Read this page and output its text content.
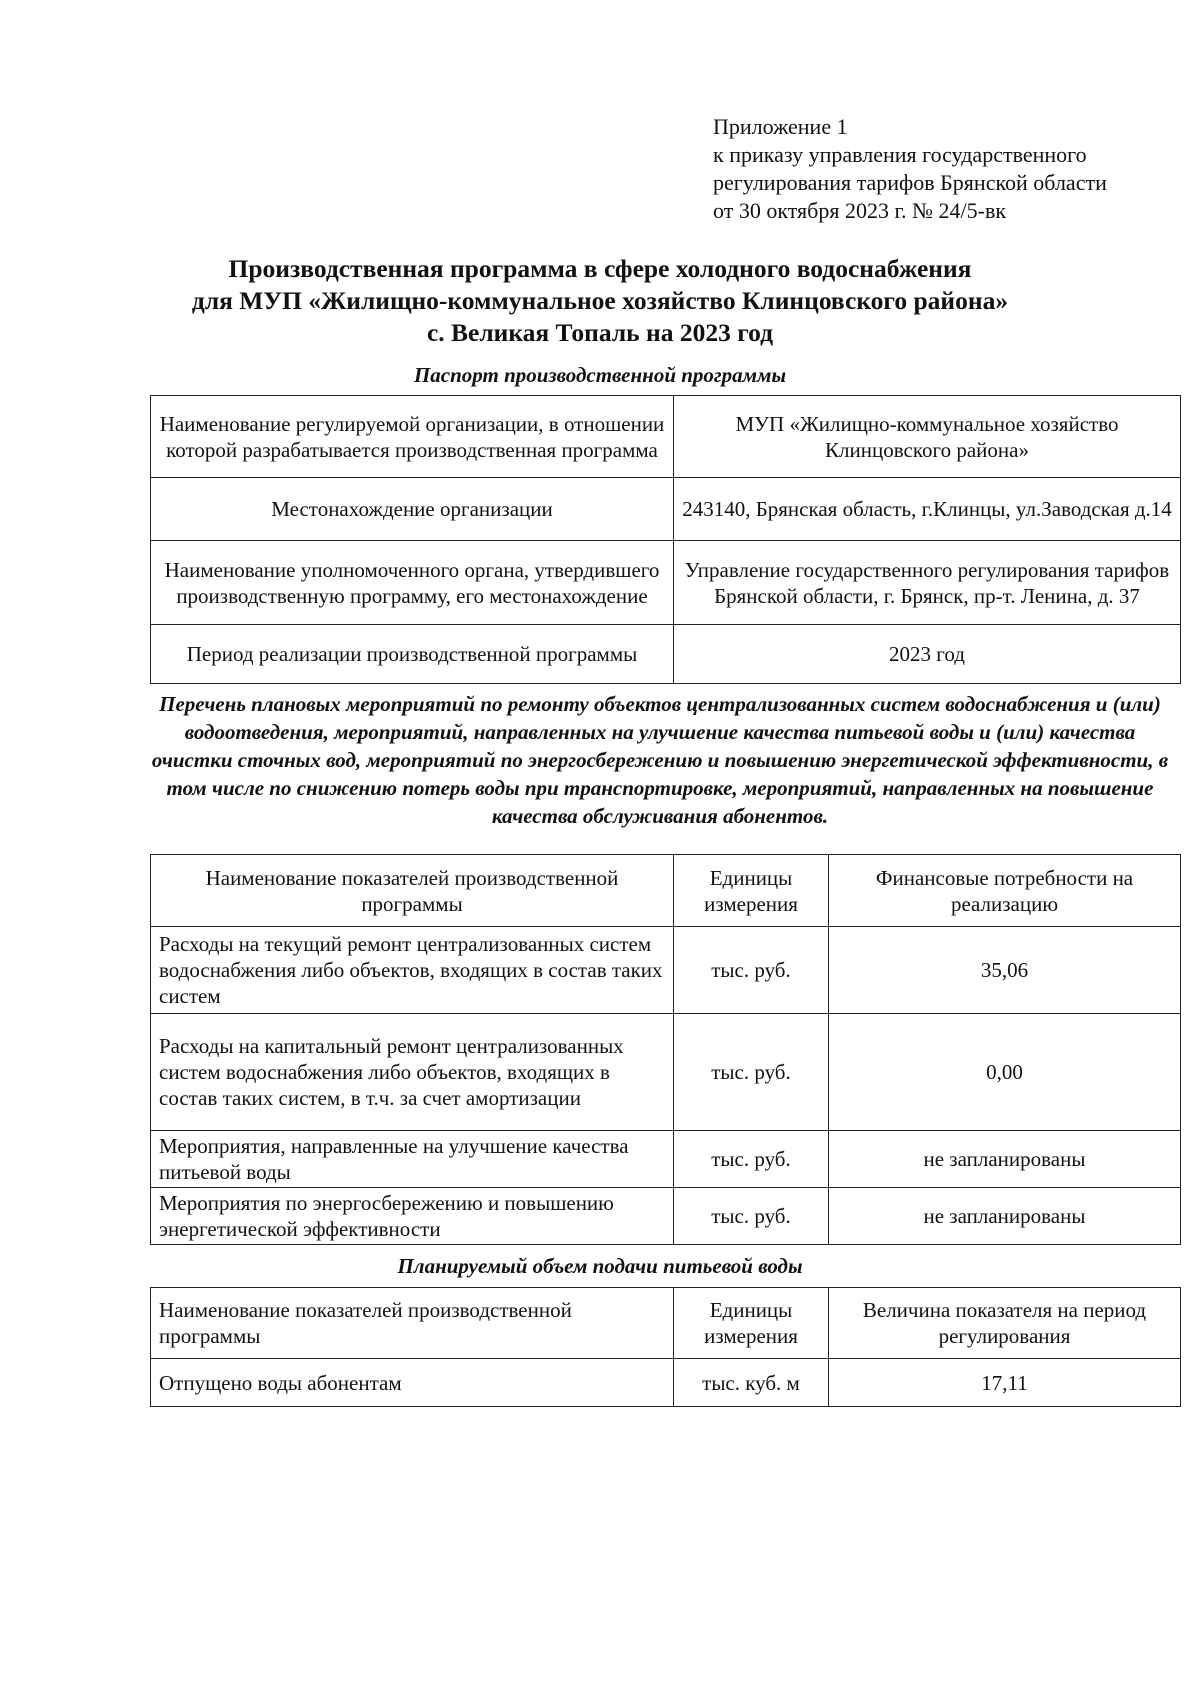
Приложение 1
к приказу управления государственного
регулирования тарифов Брянской области
от 30 октября 2023 г. № 24/5-вк
Производственная программа в сфере холодного водоснабжения
для МУП «Жилищно-коммунальное хозяйство Клинцовского района»
с. Великая Топаль на 2023 год
Паспорт производственной программы
Наименование регулируемой организации, в отношении которой разрабатывается производственная программа	МУП «Жилищно-коммунальное хозяйство Клинцовского района»
Местонахождение организации	243140, Брянская область, г.Клинцы, ул.Заводская д.14
Наименование уполномоченного органа, утвердившего производственную программу, его местонахождение	Управление государственного регулирования тарифов Брянской области, г. Брянск, пр-т. Ленина, д. 37
Период реализации производственной программы	2023 год
Перечень плановых мероприятий по ремонту объектов централизованных систем водоснабжения и (или) водоотведения, мероприятий, направленных на улучшение качества питьевой воды и (или) качества очистки сточных вод, мероприятий по энергосбережению и повышению энергетической эффективности, в том числе по снижению потерь воды при транспортировке, мероприятий, направленных на повышение качества обслуживания абонентов.
Наименование показателей производственной программы	Единицы измерения	Финансовые потребности на реализацию
Расходы на текущий ремонт централизованных систем водоснабжения либо объектов, входящих в состав таких систем	тыс. руб.	35,06
Расходы на капитальный ремонт централизованных систем водоснабжения либо объектов, входящих в состав таких систем, в т.ч. за счет амортизации	тыс. руб.	0,00
Мероприятия, направленные на улучшение качества питьевой воды	тыс. руб.	не запланированы
Мероприятия по энергосбережению и повышению энергетической эффективности	тыс. руб.	не запланированы
Планируемый объем подачи питьевой воды
Наименование показателей производственной программы	Единицы измерения	Величина показателя на период регулирования
Отпущено воды абонентам	тыс. куб. м	17,11
